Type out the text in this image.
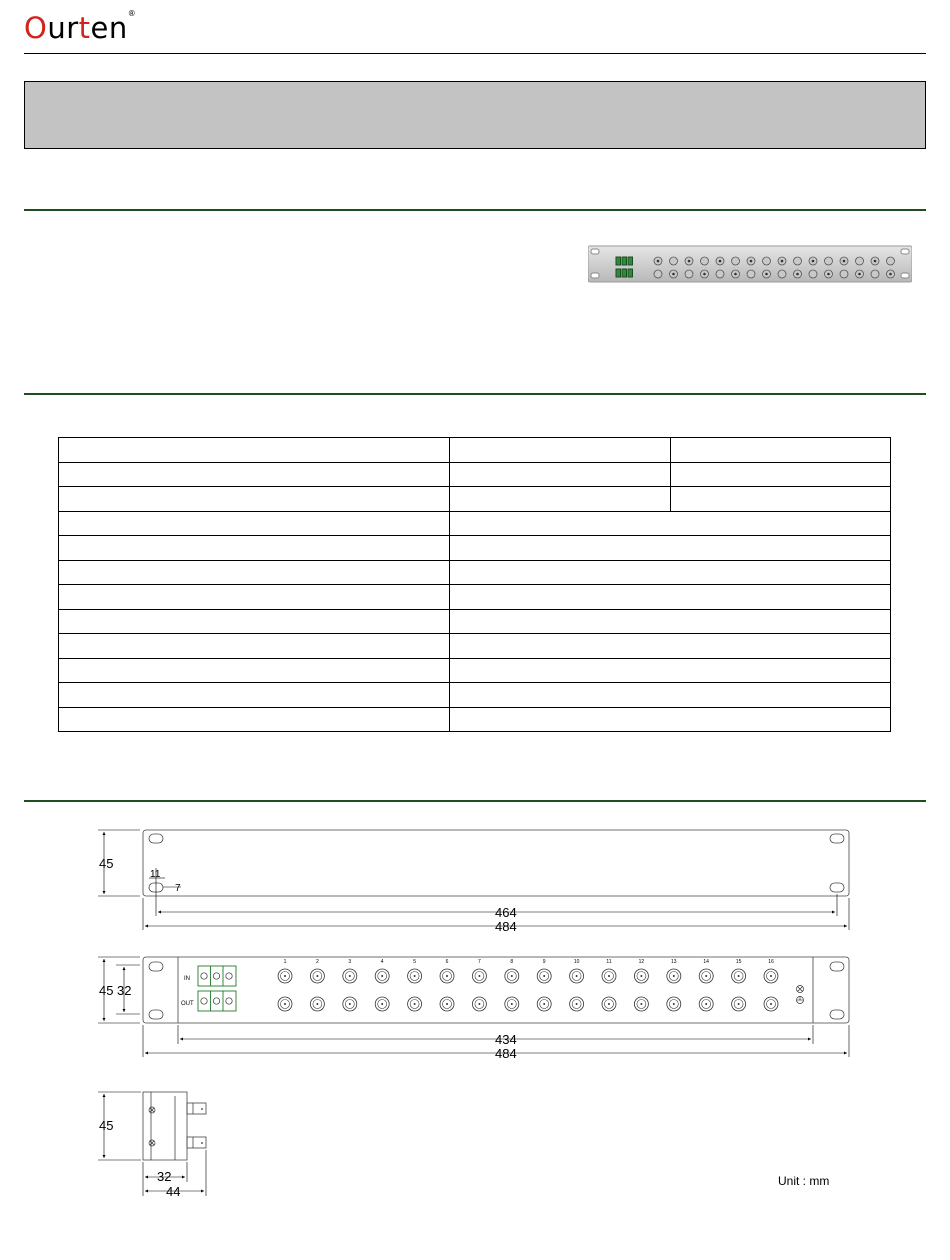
Ourten ®

45
11
7
464
484
IN
OUT
1	2	3	4	5	6	7	8	9	10	11	12	13	14	15	16
45 32
434
484
45
32
44
Unit : mm
